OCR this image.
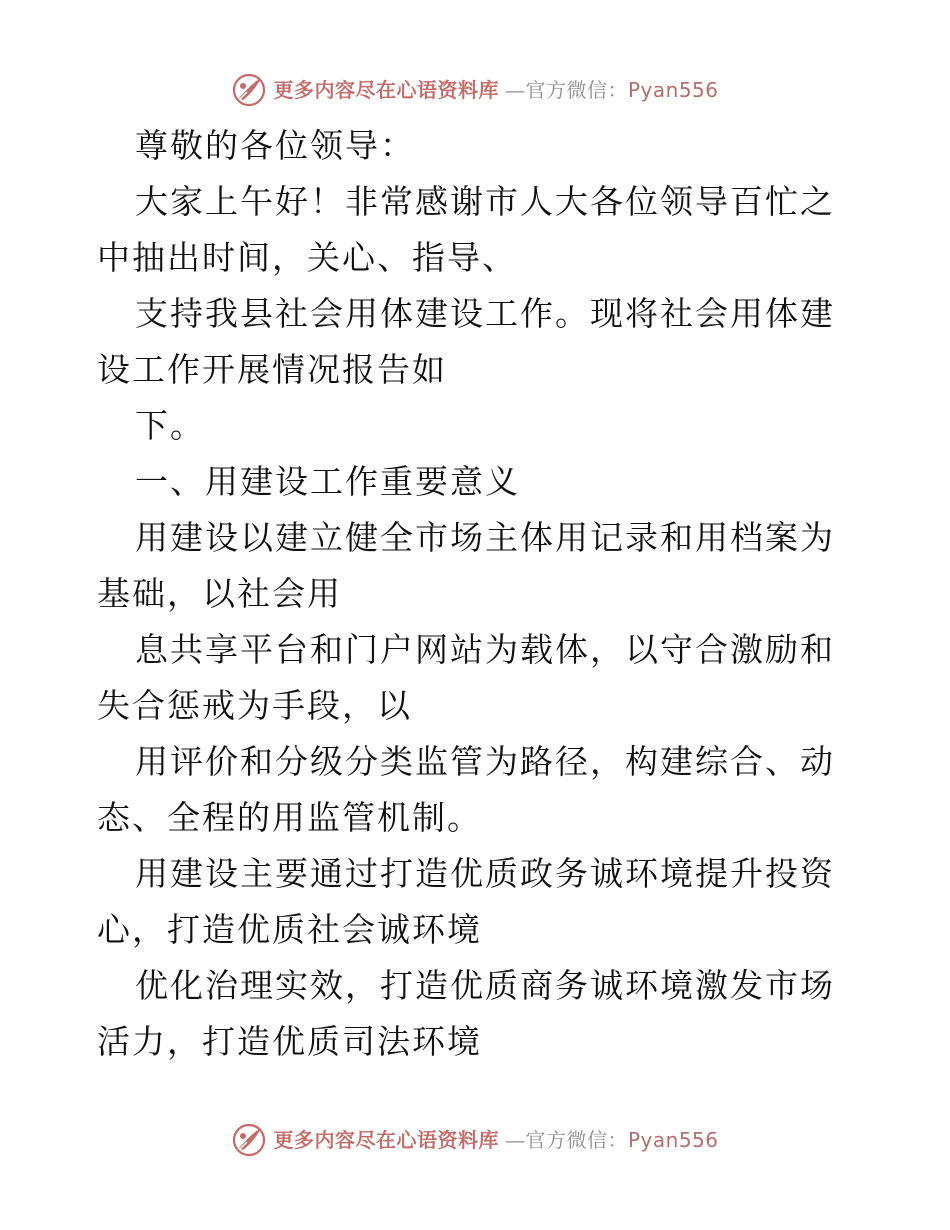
更多内容尽在心语资料库 —官方微信：Pyan556

尊敬的各位领导：

大家上午好！非常感谢市人大各位领导百忙之中抽出时间，关心、指导、

支持我县社会用体建设工作。现将社会用体建设工作开展情况报告如

下。

一、用建设工作重要意义

用建设以建立健全市场主体用记录和用档案为基础，以社会用

息共享平台和门户网站为载体，以守合激励和失合惩戒为手段，以

用评价和分级分类监管为路径，构建综合、动态、全程的用监管机制。

用建设主要通过打造优质政务诚环境提升投资心，打造优质社会诚环境

优化治理实效，打造优质商务诚环境激发市场活力，打造优质司法环境

更多内容尽在心语资料库 —官方微信：Pyan556
